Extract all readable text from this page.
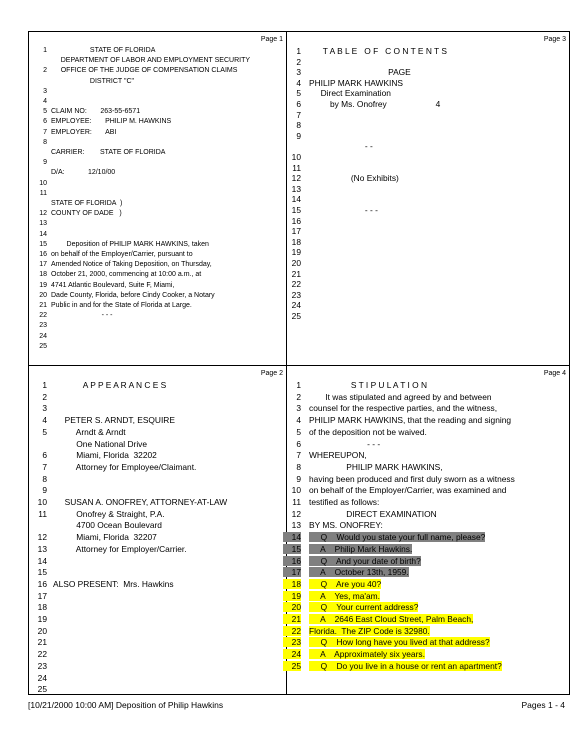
Page 1
1 STATE OF FLORIDA
DEPARTMENT OF LABOR AND EMPLOYMENT SECURITY
2 OFFICE OF THE JUDGE OF COMPENSATION CLAIMS
DISTRICT "C"
3
4
5 CLAIM NO:       263-55-6571
6 EMPLOYEE:       PHILIP M. HAWKINS
7 EMPLOYER:       ABI
8
CARRIER:        STATE OF FLORIDA
9
D/A:            12/10/00
10
11
STATE OF FLORIDA  )
12 COUNTY OF DADE   )
13
14
15 Deposition of PHILIP MARK HAWKINS, taken
16 on behalf of the Employer/Carrier, pursuant to
17 Amended Notice of Taking Deposition, on Thursday,
18 October 21, 2000, commencing at 10:00 a.m., at
19 4741 Atlantic Boulevard, Suite F, Miami,
20 Dade County, Florida, before Cindy Cooker, a Notary
21 Public in and for the State of Florida at Large.
22 - - -
23
24
25
Page 3
1 T A B L E   O F   C O N T E N T S
2
3 PAGE
4 PHILIP MARK HAWKINS
5 Direct Examination
6 by Ms. Onofrey                     4
7
8
9
- -
10
11
12 (No Exhibits)
13
14
15 - - -
16
17
18
19
20
21
22
23
24
25
Page 2
1 A P P E A R A N C E S
2
3
4 PETER S. ARNDT, ESQUIRE
5 Arndt & Arndt
One National Drive
6 Miami, Florida  32202
7 Attorney for Employee/Claimant.
8
9
10 SUSAN A. ONOFREY, ATTORNEY-AT-LAW
11 Onofrey & Straight, P.A.
4700 Ocean Boulevard
12 Miami, Florida  32207
13 Attorney for Employer/Carrier.
14
15
16 ALSO PRESENT:  Mrs. Hawkins
17
18
19
20
21
22
23
24
25
Page 4
1 S T I P U L A T I O N
2 It was stipulated and agreed by and between
3 counsel for the respective parties, and the witness,
4 PHILIP MARK HAWKINS, that the reading and signing
5 of the deposition not be waived.
6 - - -
7 WHEREUPON,
8 PHILIP MARK HAWKINS,
9 having been produced and first duly sworn as a witness
10 on behalf of the Employer/Carrier, was examined and
11 testified as follows:
12 DIRECT EXAMINATION
13 BY MS. ONOFREY:
14 Q    Would you state your full name, please?
15 A    Philip Mark Hawkins.
16 Q    And your date of birth?
17 A    October 13th, 1959.
18 Q    Are you 40?
19 A    Yes, ma'am.
20 Q    Your current address?
21 A    2646 East Cloud Street, Palm Beach,
22 Florida.  The ZIP Code is 32980.
23 Q    How long have you lived at that address?
24 A    Approximately six years.
25 Q    Do you live in a house or rent an apartment?
[10/21/2000 10:00 AM] Deposition of Philip Hawkins	Pages 1 - 4
